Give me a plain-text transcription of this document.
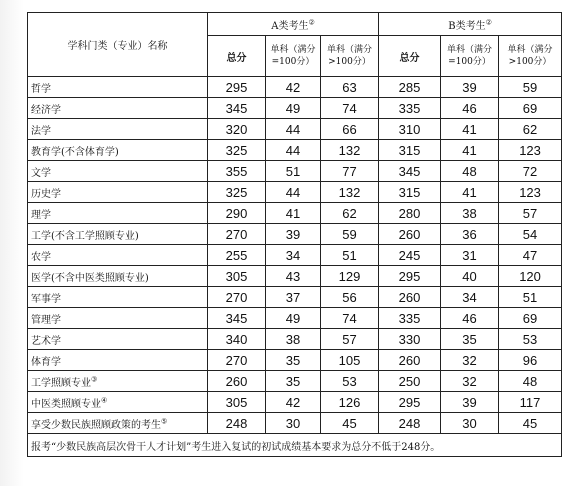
学科门类（专业）名称	A类考生②			B类考生②
	总分	单科（满分=100分）	单科（满分>100分）	总分	单科（满分=100分）	单科（满分>100分）
哲学	295	42	63	285	39	59
经济学	345	49	74	335	46	69
法学	320	44	66	310	41	62
教育学(不含体育学)	325	44	132	315	41	123
文学	355	51	77	345	48	72
历史学	325	44	132	315	41	123
理学	290	41	62	280	38	57
工学(不含工学照顾专业)	270	39	59	260	36	54
农学	255	34	51	245	31	47
医学(不含中医类照顾专业)	305	43	129	295	40	120
军事学	270	37	56	260	34	51
管理学	345	49	74	335	46	69
艺术学	340	38	57	330	35	53
体育学	270	35	105	260	32	96
工学照顾专业③	260	35	53	250	32	48
中医类照顾专业④	305	42	126	295	39	117
享受少数民族照顾政策的考生⑤	248	30	45	248	30	45
报考“少数民族高层次骨干人才计划”考生进入复试的初试成绩基本要求为总分不低于248分。						
